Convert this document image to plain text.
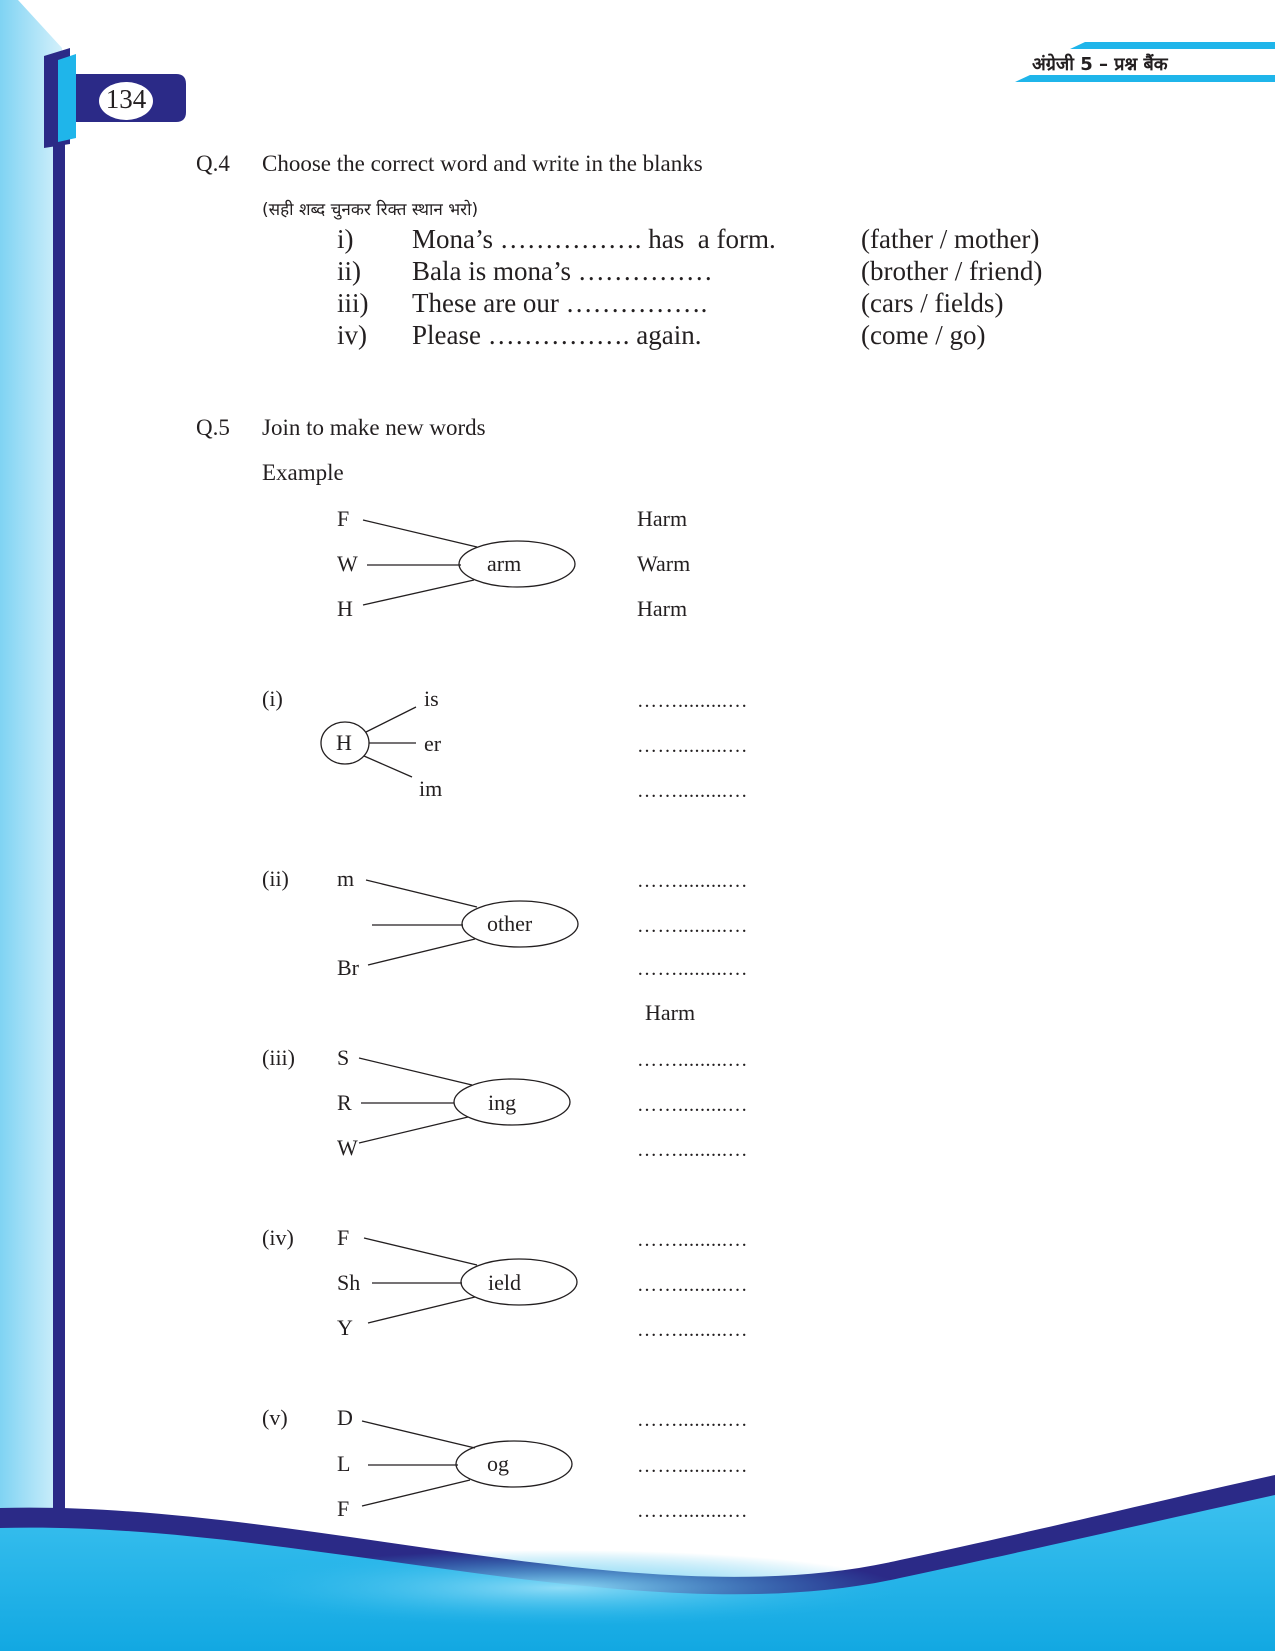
134
अंग्रेजी 5 – प्रश्न बैंक
Q.4 Choose the correct word and write in the blanks
(सही शब्द चुनकर रिक्त स्थान भरो)
i) Mona’s ……………. has  a form.	(father / mother)
ii) Bala is mona’s ……………	(brother / friend)
iii) These are our …………….	(cars / fields)
iv) Please ……………. again.	(come / go)
Q.5 Join to make new words
Example
F
W
H
arm
Harm
Warm
Harm
(i)
H
is
er
im
…….........…
…….........…
…….........…
(ii) m
Br
other
…….........…
…….........…
…….........…
Harm
(iii) S
R
W
ing
…….........…
…….........…
…….........…
(iv) F
Sh
Y
ield
…….........…
…….........…
…….........…
(v) D
L
F
og
…….........…
…….........…
…….........…
